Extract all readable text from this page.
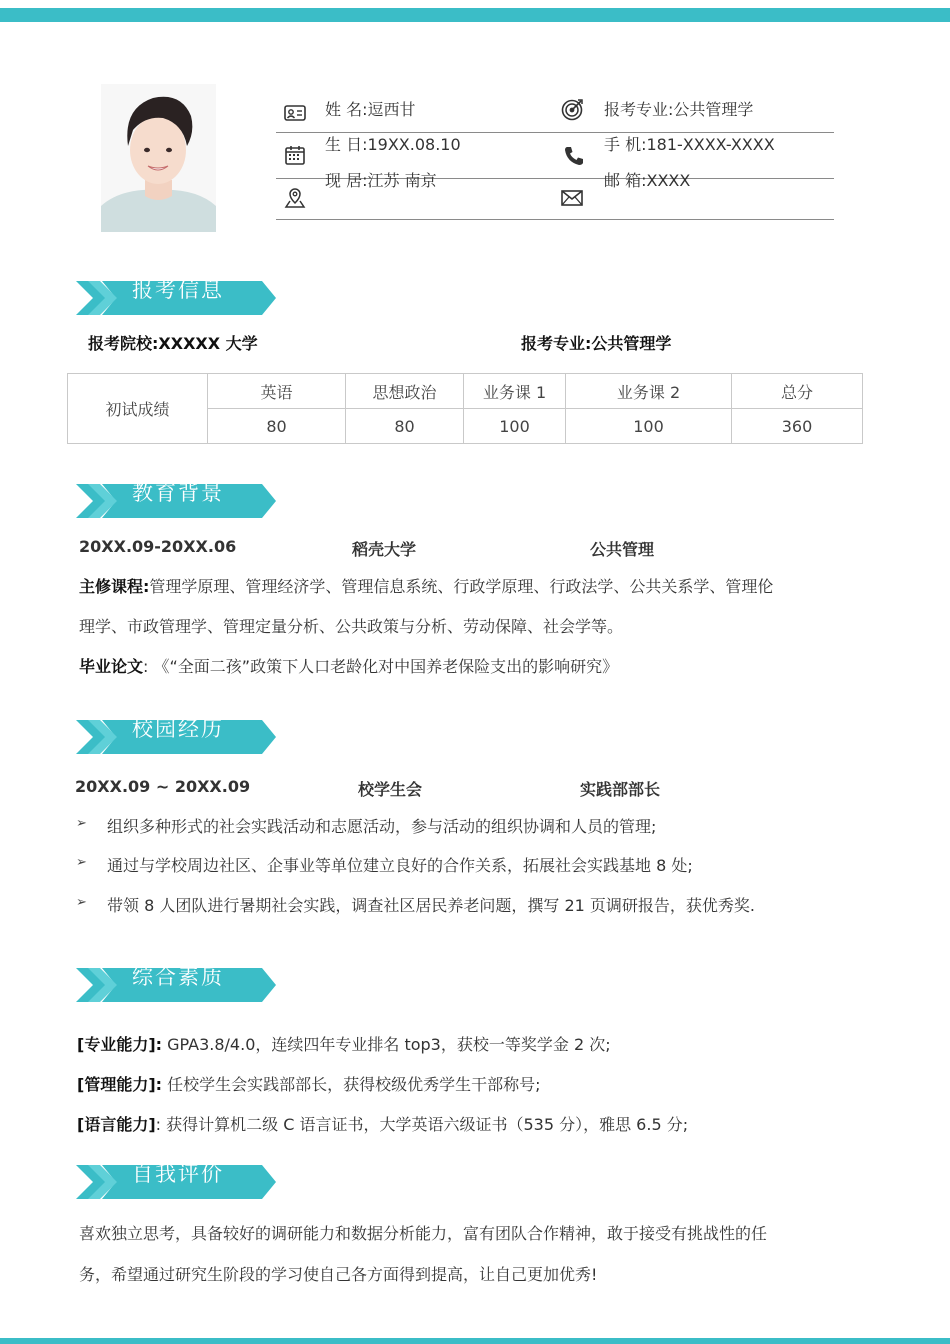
姓 名:逗西甘
生 日:19XX.08.10
现 居:江苏 南京
报考专业:公共管理学
手 机:181-XXXX-XXXX
邮 箱:XXXX
报考信息
报考院校:XXXXX 大学	报考专业:公共管理学
初试成绩	英语	思想政治	业务课 1	业务课 2	总分
	80	80	100	100	360
教育背景
20XX.09-20XX.06	稻壳大学	公共管理
主修课程:管理学原理、管理经济学、管理信息系统、行政学原理、行政法学、公共关系学、管理伦
理学、市政管理学、管理定量分析、公共政策与分析、劳动保障、社会学等。
毕业论文: 《“全面二孩”政策下人口老龄化对中国养老保险支出的影响研究》
校园经历
20XX.09 ~ 20XX.09	校学生会	实践部部长
➢ 组织多种形式的社会实践活动和志愿活动，参与活动的组织协调和人员的管理;
➢ 通过与学校周边社区、企事业等单位建立良好的合作关系，拓展社会实践基地 8 处;
➢ 带领 8 人团队进行暑期社会实践，调查社区居民养老问题，撰写 21 页调研报告，获优秀奖.
综合素质
[专业能力]: GPA3.8/4.0，连续四年专业排名 top3，获校一等奖学金 2 次;
[管理能力]: 任校学生会实践部部长，获得校级优秀学生干部称号;
[语言能力]: 获得计算机二级 C 语言证书，大学英语六级证书（535 分），雅思 6.5 分;
自我评价
喜欢独立思考，具备较好的调研能力和数据分析能力，富有团队合作精神，敢于接受有挑战性的任
务，希望通过研究生阶段的学习使自己各方面得到提高，让自己更加优秀!
